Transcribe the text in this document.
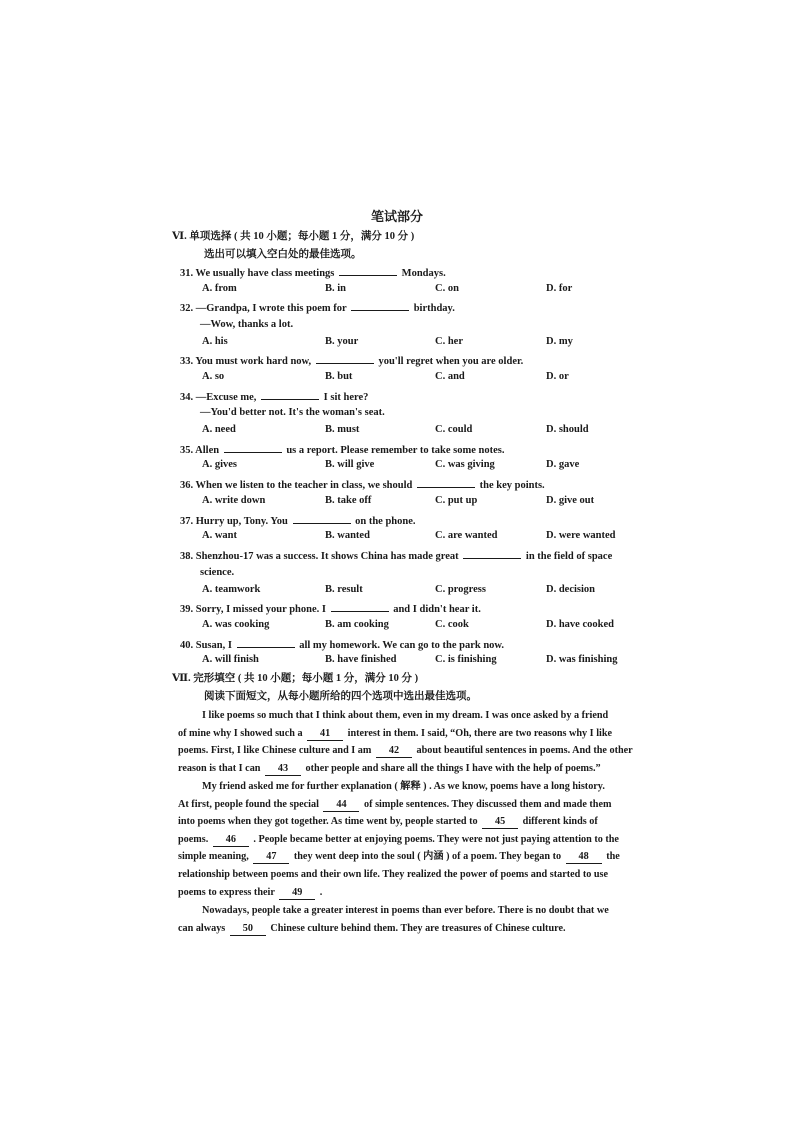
笔试部分
Ⅵ. 单项选择 ( 共 10 小题；每小题 1 分，满分 10 分 )
选出可以填入空白处的最佳选项。
31. We usually have class meetings	Mondays.
A. from	B. in	C. on	D. for
32. —Grandpa, I wrote this poem for	birthday.
—Wow, thanks a lot.
A. his	B. your	C. her	D. my
33. You must work hard now,	you'll regret when you are older.
A. so	B. but	C. and	D. or
34. —Excuse me,	I sit here?
—You'd better not. It's the woman's seat.
A. need	B. must	C. could	D. should
35. Allen	us a report. Please remember to take some notes.
A. gives	B. will give	C. was giving	D. gave
36. When we listen to the teacher in class, we should	the key points.
A. write down	B. take off	C. put up	D. give out
37. Hurry up, Tony. You	on the phone.
A. want	B. wanted	C. are wanted	D. were wanted
38. Shenzhou-17 was a success. It shows China has made great	in the field of space
science.
A. teamwork	B. result	C. progress	D. decision
39. Sorry, I missed your phone. I	and I didn't hear it.
A. was cooking	B. am cooking	C. cook	D. have cooked
40. Susan, I	all my homework. We can go to the park now.
A. will finish	B. have finished	C. is finishing	D. was finishing
Ⅶ. 完形填空 ( 共 10 小题；每小题 1 分，满分 10 分 )
阅读下面短文，从每小题所给的四个选项中选出最佳选项。
I like poems so much that I think about them, even in my dream. I was once asked by a friend
of mine why I showed such a 41 interest in them. I said, “Oh, there are two reasons why I like
poems. First, I like Chinese culture and I am 42 about beautiful sentences in poems. And the other
reason is that I can 43 other people and share all the things I have with the help of poems.”
My friend asked me for further explanation ( 解释 ) . As we know, poems have a long history.
At first, people found the special 44 of simple sentences. They discussed them and made them
into poems when they got together. As time went by, people started to 45 different kinds of
poems. 46 . People became better at enjoying poems. They were not just paying attention to the
simple meaning, 47 they went deep into the soul ( 内涵 ) of a poem. They began to 48 the
relationship between poems and their own life. They realized the power of poems and started to use
poems to express their 49 .
Nowadays, people take a greater interest in poems than ever before. There is no doubt that we
can always 50 Chinese culture behind them. They are treasures of Chinese culture.
